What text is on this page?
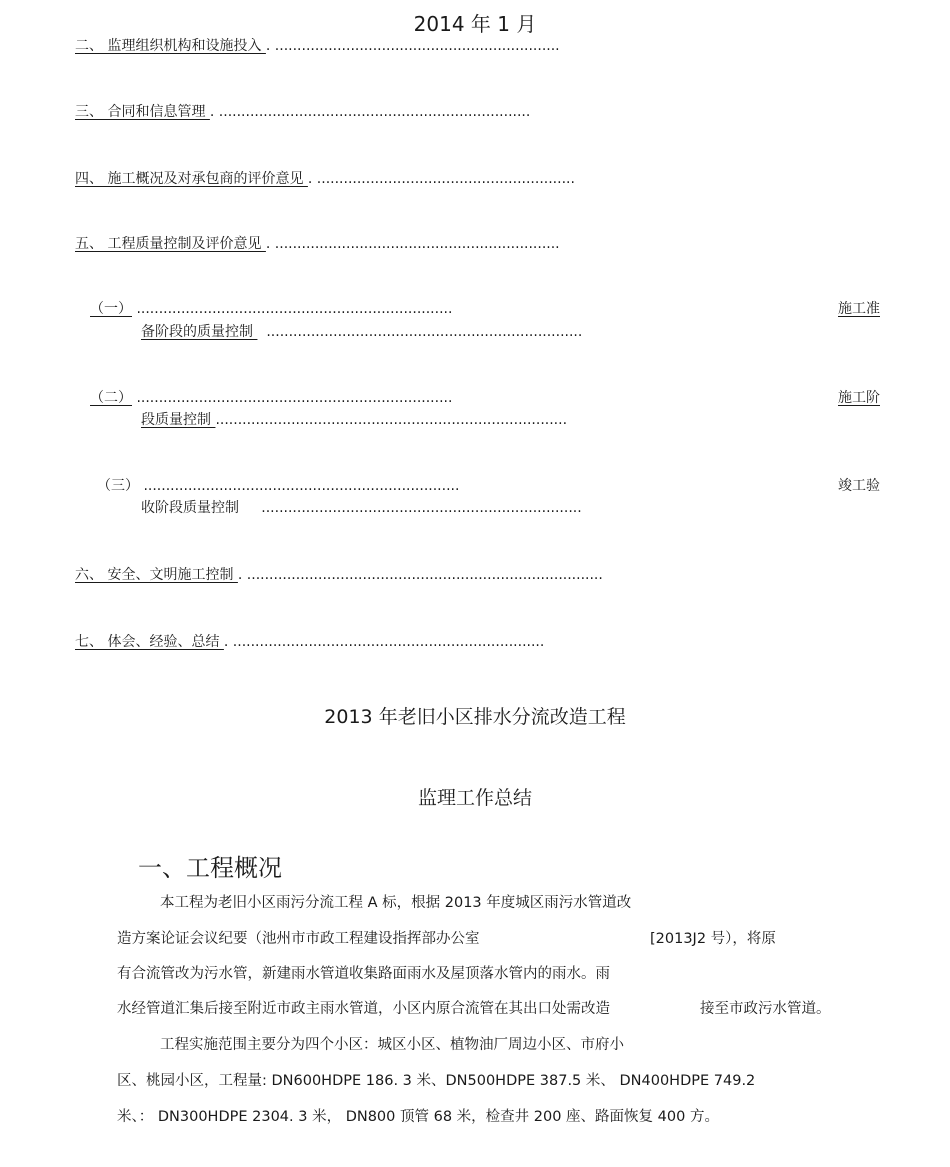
2014 年 1 月
二、 监理组织机构和设施投入 . ................................................................
三、 合同和信息管理 . ......................................................................
四、 施工概况及对承包商的评价意见 . ..........................................................
五、 工程质量控制及评价意见 . ................................................................
（一） .......................................................................	施工准
备阶段的质量控制   .......................................................................
（二） .......................................................................	施工阶
段质量控制 ...............................................................................
（三） .......................................................................	竣工验
收阶段质量控制 ........................................................................
六、 安全、文明施工控制 . ................................................................................
七、 体会、经验、总结 . ......................................................................
2013 年老旧小区排水分流改造工程
监理工作总结
一、工程概况
本工程为老旧小区雨污分流工程 A 标，根据 2013 年度城区雨污水管道改
造方案论证会议纪要（池州市市政工程建设指挥部办公室	[2013J2 号），将原
有合流管改为污水管，新建雨水管道收集路面雨水及屋顶落水管内的雨水。雨
水经管道汇集后接至附近市政主雨水管道，小区内原合流管在其出口处需改造	接至市政污水管道。
工程实施范围主要分为四个小区：城区小区、植物油厂周边小区、市府小
区、桃园小区，工程量: DN600HDPE 186. 3 米、DN500HDPE 387.5 米、 DN400HDPE 749.2
米、： DN300HDPE 2304. 3 米， DN800 顶管 68 米，检查井 200 座、路面恢复 400 方。
